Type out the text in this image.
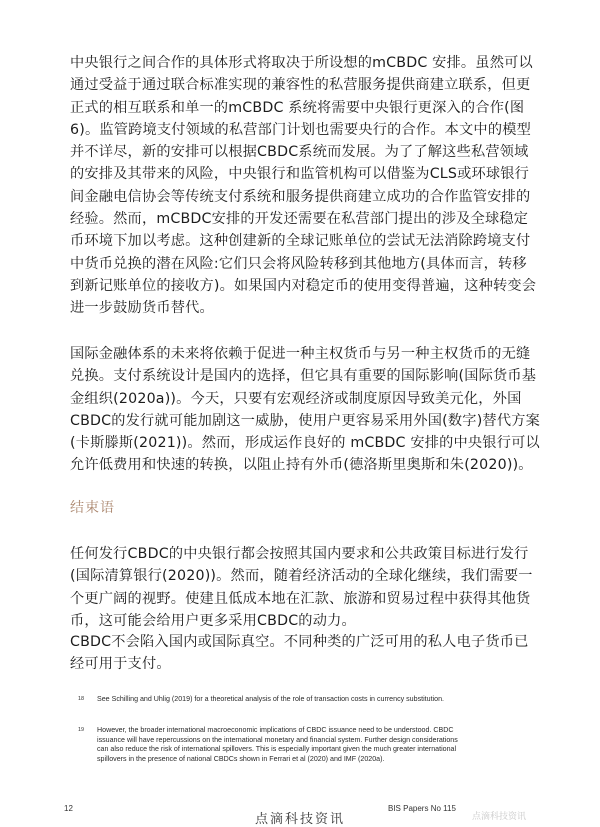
中央银行之间合作的具体形式将取决于所设想的mCBDC 安排。虽然可以通过受益于通过联合标准实现的兼容性的私营服务提供商建立联系，但更正式的相互联系和单一的mCBDC 系统将需要中央银行更深入的合作(图6)。监管跨境支付领域的私营部门计划也需要央行的合作。本文中的模型并不详尽，新的安排可以根据CBDC系统而发展。为了了解这些私营领域的安排及其带来的风险，中央银行和监管机构可以借鉴为CLS或环球银行间金融电信协会等传统支付系统和服务提供商建立成功的合作监管安排的经验。然而，mCBDC安排的开发还需要在私营部门提出的涉及全球稳定币环境下加以考虑。这种创建新的全球记账单位的尝试无法消除跨境支付中货币兑换的潜在风险:它们只会将风险转移到其他地方(具体而言，转移到新记账单位的接收方)。如果国内对稳定币的使用变得普遍，这种转变会进一步鼓励货币替代。

国际金融体系的未来将依赖于促进一种主权货币与另一种主权货币的无缝兑换。支付系统设计是国内的选择，但它具有重要的国际影响(国际货币基金组织(2020a))。今天，只要有宏观经济或制度原因导致美元化，外国CBDC的发行就可能加剧这一威胁，使用户更容易采用外国(数字)替代方案(卡斯滕斯(2021))。然而，形成运作良好的 mCBDC 安排的中央银行可以允许低费用和快速的转换，以阻止持有外币(德洛斯里奥斯和朱(2020))。

结束语

任何发行CBDC的中央银行都会按照其国内要求和公共政策目标进行发行(国际清算银行(2020))。然而，随着经济活动的全球化继续，我们需要一个更广阔的视野。使建且低成本地在汇款、旅游和贸易过程中获得其他货币，这可能会给用户更多采用CBDC的动力。

CBDC不会陷入国内或国际真空。不同种类的广泛可用的私人电子货币已经可用于支付。

18 See Schilling and Uhlig (2019) for a theoretical analysis of the role of transaction costs in currency substitution.
19 However, the broader international macroeconomic implications of CBDC issuance need to be understood. CBDC issuance will have repercussions on the international monetary and financial system. Further design considerations can also reduce the risk of international spillovers. This is especially important given the much greater international spillovers in the presence of national CBDCs shown in Ferrari et al (2020) and IMF (2020a).
12	BIS Papers No 115
点滴科技资讯	点滴科技资讯
